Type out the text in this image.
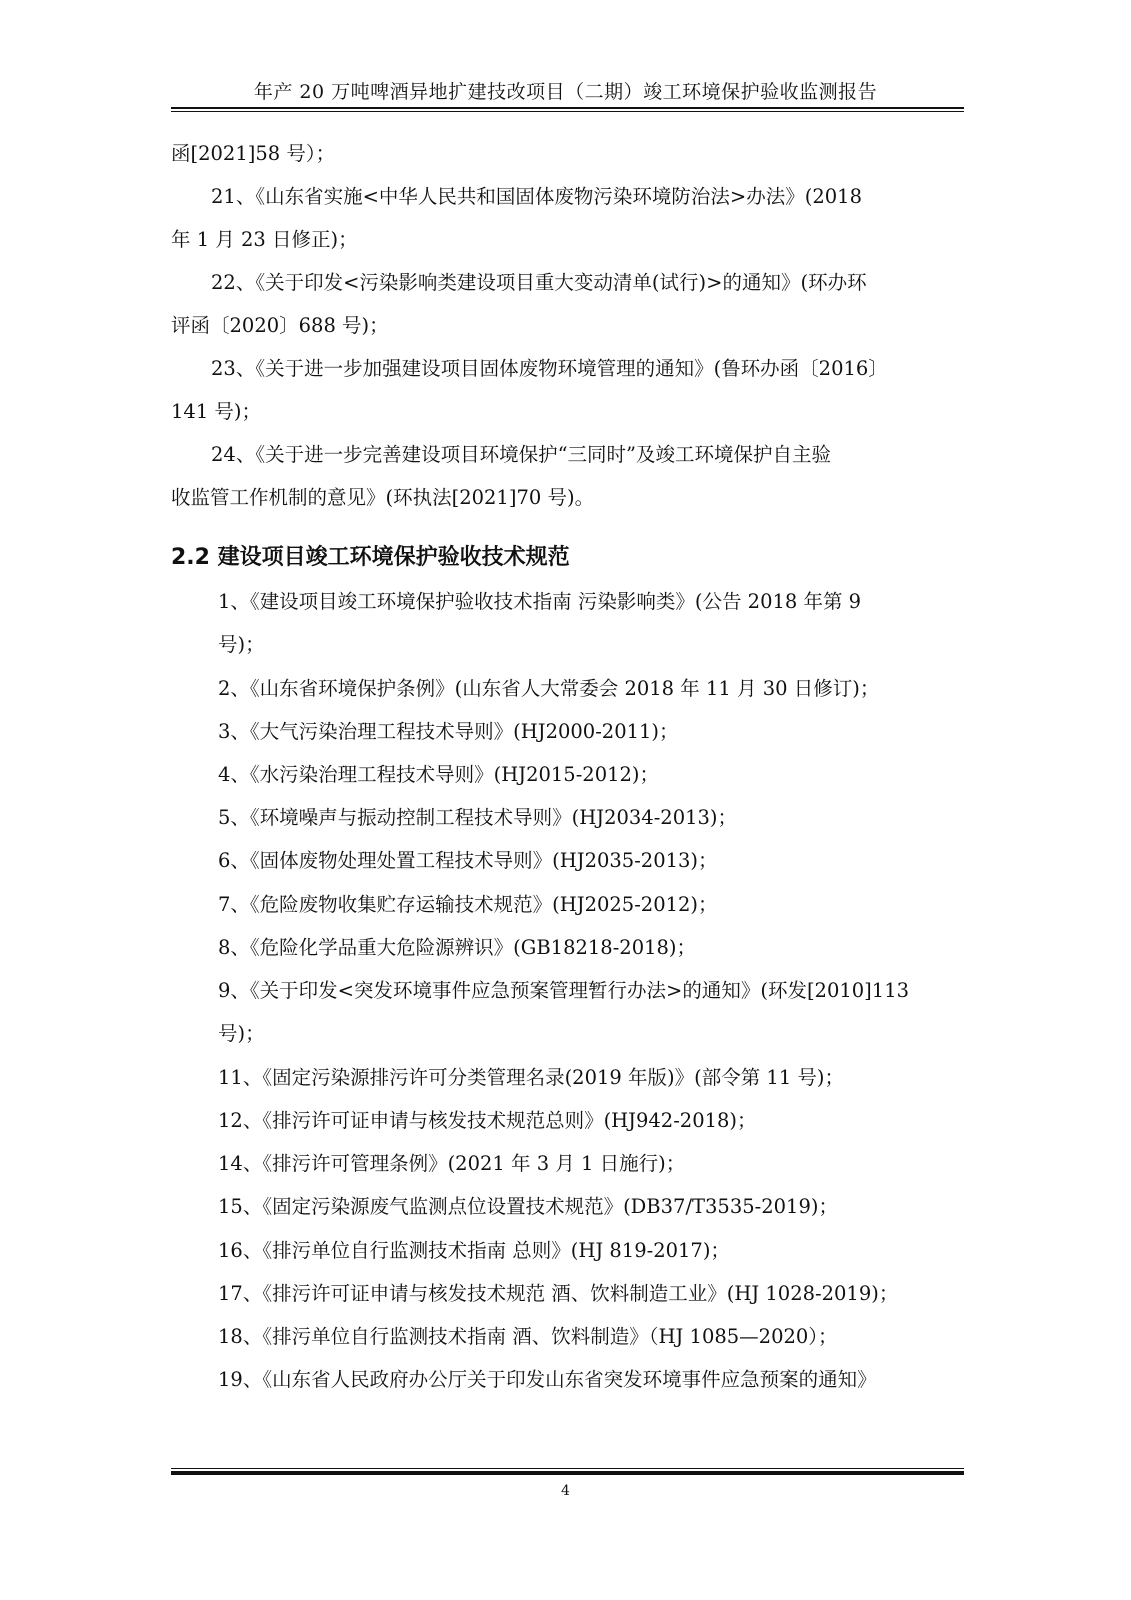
年产 20 万吨啤酒异地扩建技改项目（二期）竣工环境保护验收监测报告
函[2021]58 号）；
21、《山东省实施<中华人民共和国固体废物污染环境防治法>办法》(2018
年 1 月 23 日修正)；
22、《关于印发<污染影响类建设项目重大变动清单(试行)>的通知》(环办环
评函〔2020〕688 号)；
23、《关于进一步加强建设项目固体废物环境管理的通知》(鲁环办函〔2016〕
141 号)；
24、《关于进一步完善建设项目环境保护“三同时”及竣工环境保护自主验
收监管工作机制的意见》(环执法[2021]70 号)。
2.2 建设项目竣工环境保护验收技术规范
1、《建设项目竣工环境保护验收技术指南 污染影响类》(公告 2018 年第 9
号)；
2、《山东省环境保护条例》(山东省人大常委会 2018 年 11 月 30 日修订)；
3、《大气污染治理工程技术导则》(HJ2000-2011)；
4、《水污染治理工程技术导则》(HJ2015-2012)；
5、《环境噪声与振动控制工程技术导则》(HJ2034-2013)；
6、《固体废物处理处置工程技术导则》(HJ2035-2013)；
7、《危险废物收集贮存运输技术规范》(HJ2025-2012)；
8、《危险化学品重大危险源辨识》(GB18218-2018)；
9、《关于印发<突发环境事件应急预案管理暂行办法>的通知》(环发[2010]113
号)；
11、《固定污染源排污许可分类管理名录(2019 年版)》(部令第 11 号)；
12、《排污许可证申请与核发技术规范总则》(HJ942-2018)；
14、《排污许可管理条例》(2021 年 3 月 1 日施行)；
15、《固定污染源废气监测点位设置技术规范》(DB37/T3535-2019)；
16、《排污单位自行监测技术指南 总则》(HJ 819-2017)；
17、《排污许可证申请与核发技术规范 酒、饮料制造工业》(HJ 1028-2019)；
18、《排污单位自行监测技术指南 酒、饮料制造》（HJ 1085—2020）；
19、《山东省人民政府办公厅关于印发山东省突发环境事件应急预案的通知》
4
